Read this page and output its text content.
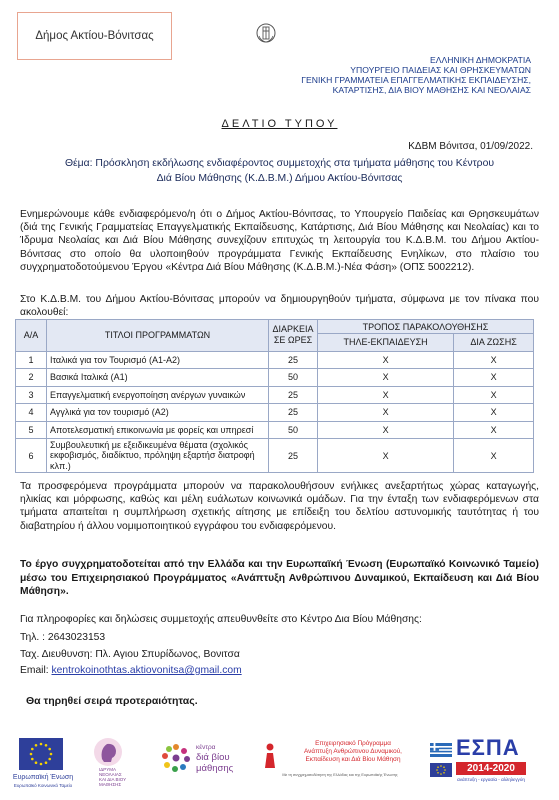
Δήμος Ακτίου-Βόνιτσας
ΕΛΛΗΝΙΚΗ ΔΗΜΟΚΡΑΤΙΑ
ΥΠΟΥΡΓΕΙΟ ΠΑΙΔΕΙΑΣ ΚΑΙ ΘΡΗΣΚΕΥΜΑΤΩΝ
ΓΕΝΙΚΗ ΓΡΑΜΜΑΤΕΙΑ ΕΠΑΓΓΕΛΜΑΤΙΚΗΣ ΕΚΠΑΙΔΕΥΣΗΣ,
ΚΑΤΑΡΤΙΣΗΣ, ΔΙΑ ΒΙΟΥ ΜΑΘΗΣΗΣ ΚΑΙ ΝΕΟΛΑΙΑΣ
ΔΕΛΤΙΟ ΤΥΠΟΥ
ΚΔΒΜ Βόνιτσα, 01/09/2022.
Θέμα: Πρόσκληση εκδήλωσης ενδιαφέροντος συμμετοχής στα τμήματα μάθησης του Κέντρου
Διά Βίου Μάθησης (Κ.Δ.Β.Μ.) Δήμου Ακτίου-Βόνιτσας
Ενημερώνουμε κάθε ενδιαφερόμενο/η ότι ο Δήμος Ακτίου-Βόνιτσας, το Υπουργείο Παιδείας και Θρησκευμάτων (διά της Γενικής Γραμματείας Επαγγελματικής Εκπαίδευσης, Κατάρτισης, Διά Βίου Μάθησης και Νεολαίας) και το Ίδρυμα Νεολαίας και Διά Βίου Μάθησης συνεχίζουν επιτυχώς τη λειτουργία του Κ.Δ.Β.Μ. του Δήμου Ακτίου-Βόνιτσας στο οποίο θα υλοποιηθούν προγράμματα Γενικής Εκπαίδευσης Ενηλίκων, στο πλαίσιο του συγχρηματοδοτούμενου Έργου «Κέντρα Διά Βίου Μάθησης (Κ.Δ.Β.Μ.)-Νέα Φάση» (ΟΠΣ 5002212).
Στο Κ.Δ.Β.Μ. του Δήμου Ακτίου-Βόνιτσας μπορούν να δημιουργηθούν τμήματα, σύμφωνα με τον πίνακα που ακολουθεί:
Α/Α	ΤΙΤΛΟΙ ΠΡΟΓΡΑΜΜΑΤΩΝ	ΔΙΑΡΚΕΙΑ ΣΕ ΩΡΕΣ	ΤΡΟΠΟΣ ΠΑΡΑΚΟΛΟΥΘΗΣΗΣ	
			ΤΗΛΕ-ΕΚΠΑΙΔΕΥΣΗ	ΔΙΑ ΖΩΣΗΣ
1	Ιταλικά για τον Τουρισμό (Α1-Α2)	25	X	X
2	Βασικά Ιταλικά (Α1)	50	X	X
3	Επαγγελματική ενεργοποίηση ανέργων γυναικών	25	X	X
4	Αγγλικά για τον τουρισμό (Α2)	25	X	X
5	Αποτελεσματική επικοινωνία με φορείς και υπηρεσί	50	X	X
6	Συμβουλευτική με εξειδικευμένα θέματα (σχολικός εκφοβισμός, διαδίκτυο, πρόληψη εξαρτήσ διατροφή κλπ.)	25	X	X
Τα προσφερόμενα προγράμματα μπορούν να παρακολουθήσουν ενήλικες ανεξαρτήτως χώρας καταγωγής, ηλικίας και μόρφωσης, καθώς και μέλη ευάλωτων κοινωνικά ομάδων. Για την ένταξη των ενδιαφερόμενων στα τμήματα απαιτείται η συμπλήρωση σχετικής αίτησης με επίδειξη του δελτίου αστυνομικής ταυτότητας ή του διαβατηρίου ή άλλου νομιμοποιητικού εγγράφου του ενδιαφερόμενου.
Το έργο συγχρηματοδοτείται από την Ελλάδα και την Ευρωπαϊκή Ένωση (Ευρωπαϊκό Κοινωνικό Ταμείο) μέσω του Επιχειρησιακού Προγράμματος «Ανάπτυξη Ανθρώπινου Δυναμικού, Εκπαίδευση και Διά Βίου Μάθηση».
Για πληροφορίες και δηλώσεις συμμετοχής απευθυνθείτε στο Κέντρο Δια Βίου Μάθησης:
Τηλ. : 2643023153
Ταχ. Διευθυνση: Πλ. Αγιου Σπυρίδωνος, Βονιτσα
Email: kentrokoinothtas.aktiovonitsa@gmail.com
Θα τηρηθεί σειρά προτεραιότητας.
Ευρωπαϊκή Ένωση
Ευρωπαϊκό Κοινωνικό Ταμείο
ΙΔΡΥΜΑ
ΝΕΟΛΑΙΑΣ
ΚΑΙ ΔΙΑ ΒΙΟΥ
ΜΑΘΗΣΗΣ
κέντρα
διά βίου
μάθησης
Επιχειρησιακό Πρόγραμμα
Ανάπτυξη Ανθρώπινου Δυναμικού,
Εκπαίδευση και Διά Βίου Μάθηση
Με τη συγχρηματοδότηση της Ελλάδας και της Ευρωπαϊκής Ένωσης
ΕΣΠΑ
2014-2020
ανάπτυξη - εργασία - αλληλεγγύη
